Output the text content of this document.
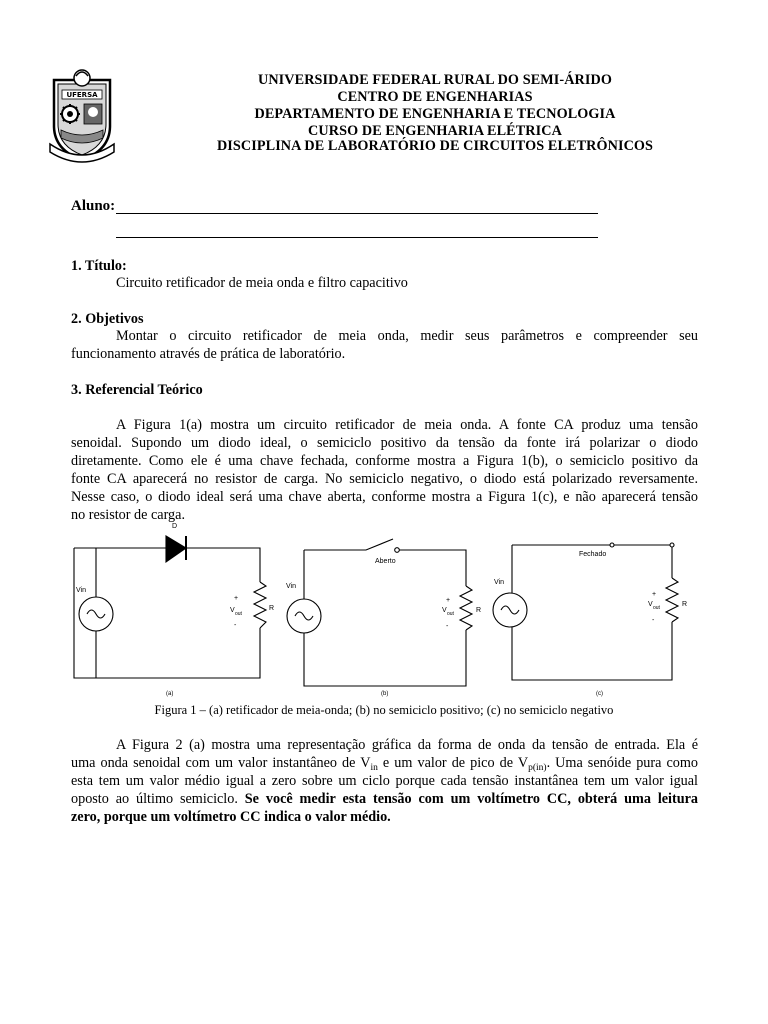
UFERSA
UNIVERSIDADE FEDERAL RURAL DO SEMI-ÁRIDO
CENTRO DE ENGENHARIAS
DEPARTAMENTO DE ENGENHARIA E TECNOLOGIA
CURSO DE ENGENHARIA ELÉTRICA
DISCIPLINA DE LABORATÓRIO DE CIRCUITOS ELETRÔNICOS
Aluno:
1. Título:
Circuito retificador de meia onda e filtro capacitivo
2. Objetivos
Montar o circuito retificador de meia onda, medir seus parâmetros e compreender seu
funcionamento através de prática de laboratório.
3. Referencial Teórico
A Figura 1(a) mostra um circuito retificador de meia onda. A fonte CA produz uma tensão
senoidal. Supondo um diodo ideal, o semiciclo positivo da tensão da fonte irá polarizar o diodo
diretamente. Como ele é uma chave fechada, conforme mostra a Figura 1(b), o semiciclo positivo da
fonte CA aparecerá no resistor de carga. No semiciclo negativo, o diodo está polarizado reversamente.
Nesse caso, o diodo ideal será uma chave aberta, conforme mostra a Figura 1(c), e não aparecerá tensão
no resistor de carga.
Vin
D
+
V out
-
R
(a)
Vin
Aberto
+
V out
-
R
(b)
Vin
Fechado
+
V out
-
R
(c)
Figura 1 – (a) retificador de meia-onda; (b) no semiciclo positivo; (c) no semiciclo negativo
A Figura 2 (a) mostra uma representação gráfica da forma de onda da tensão de entrada. Ela é
uma onda senoidal com um valor instantâneo de $V_{in}$ e um valor de pico de $V_{p(in)}$. Uma senóide pura como
esta tem um valor médio igual a zero sobre um ciclo porque cada tensão instantânea tem um valor igual
oposto ao último semiciclo. Se você medir esta tensão com um voltímetro CC, obterá uma leitura
zero, porque um voltímetro CC indica o valor médio.
